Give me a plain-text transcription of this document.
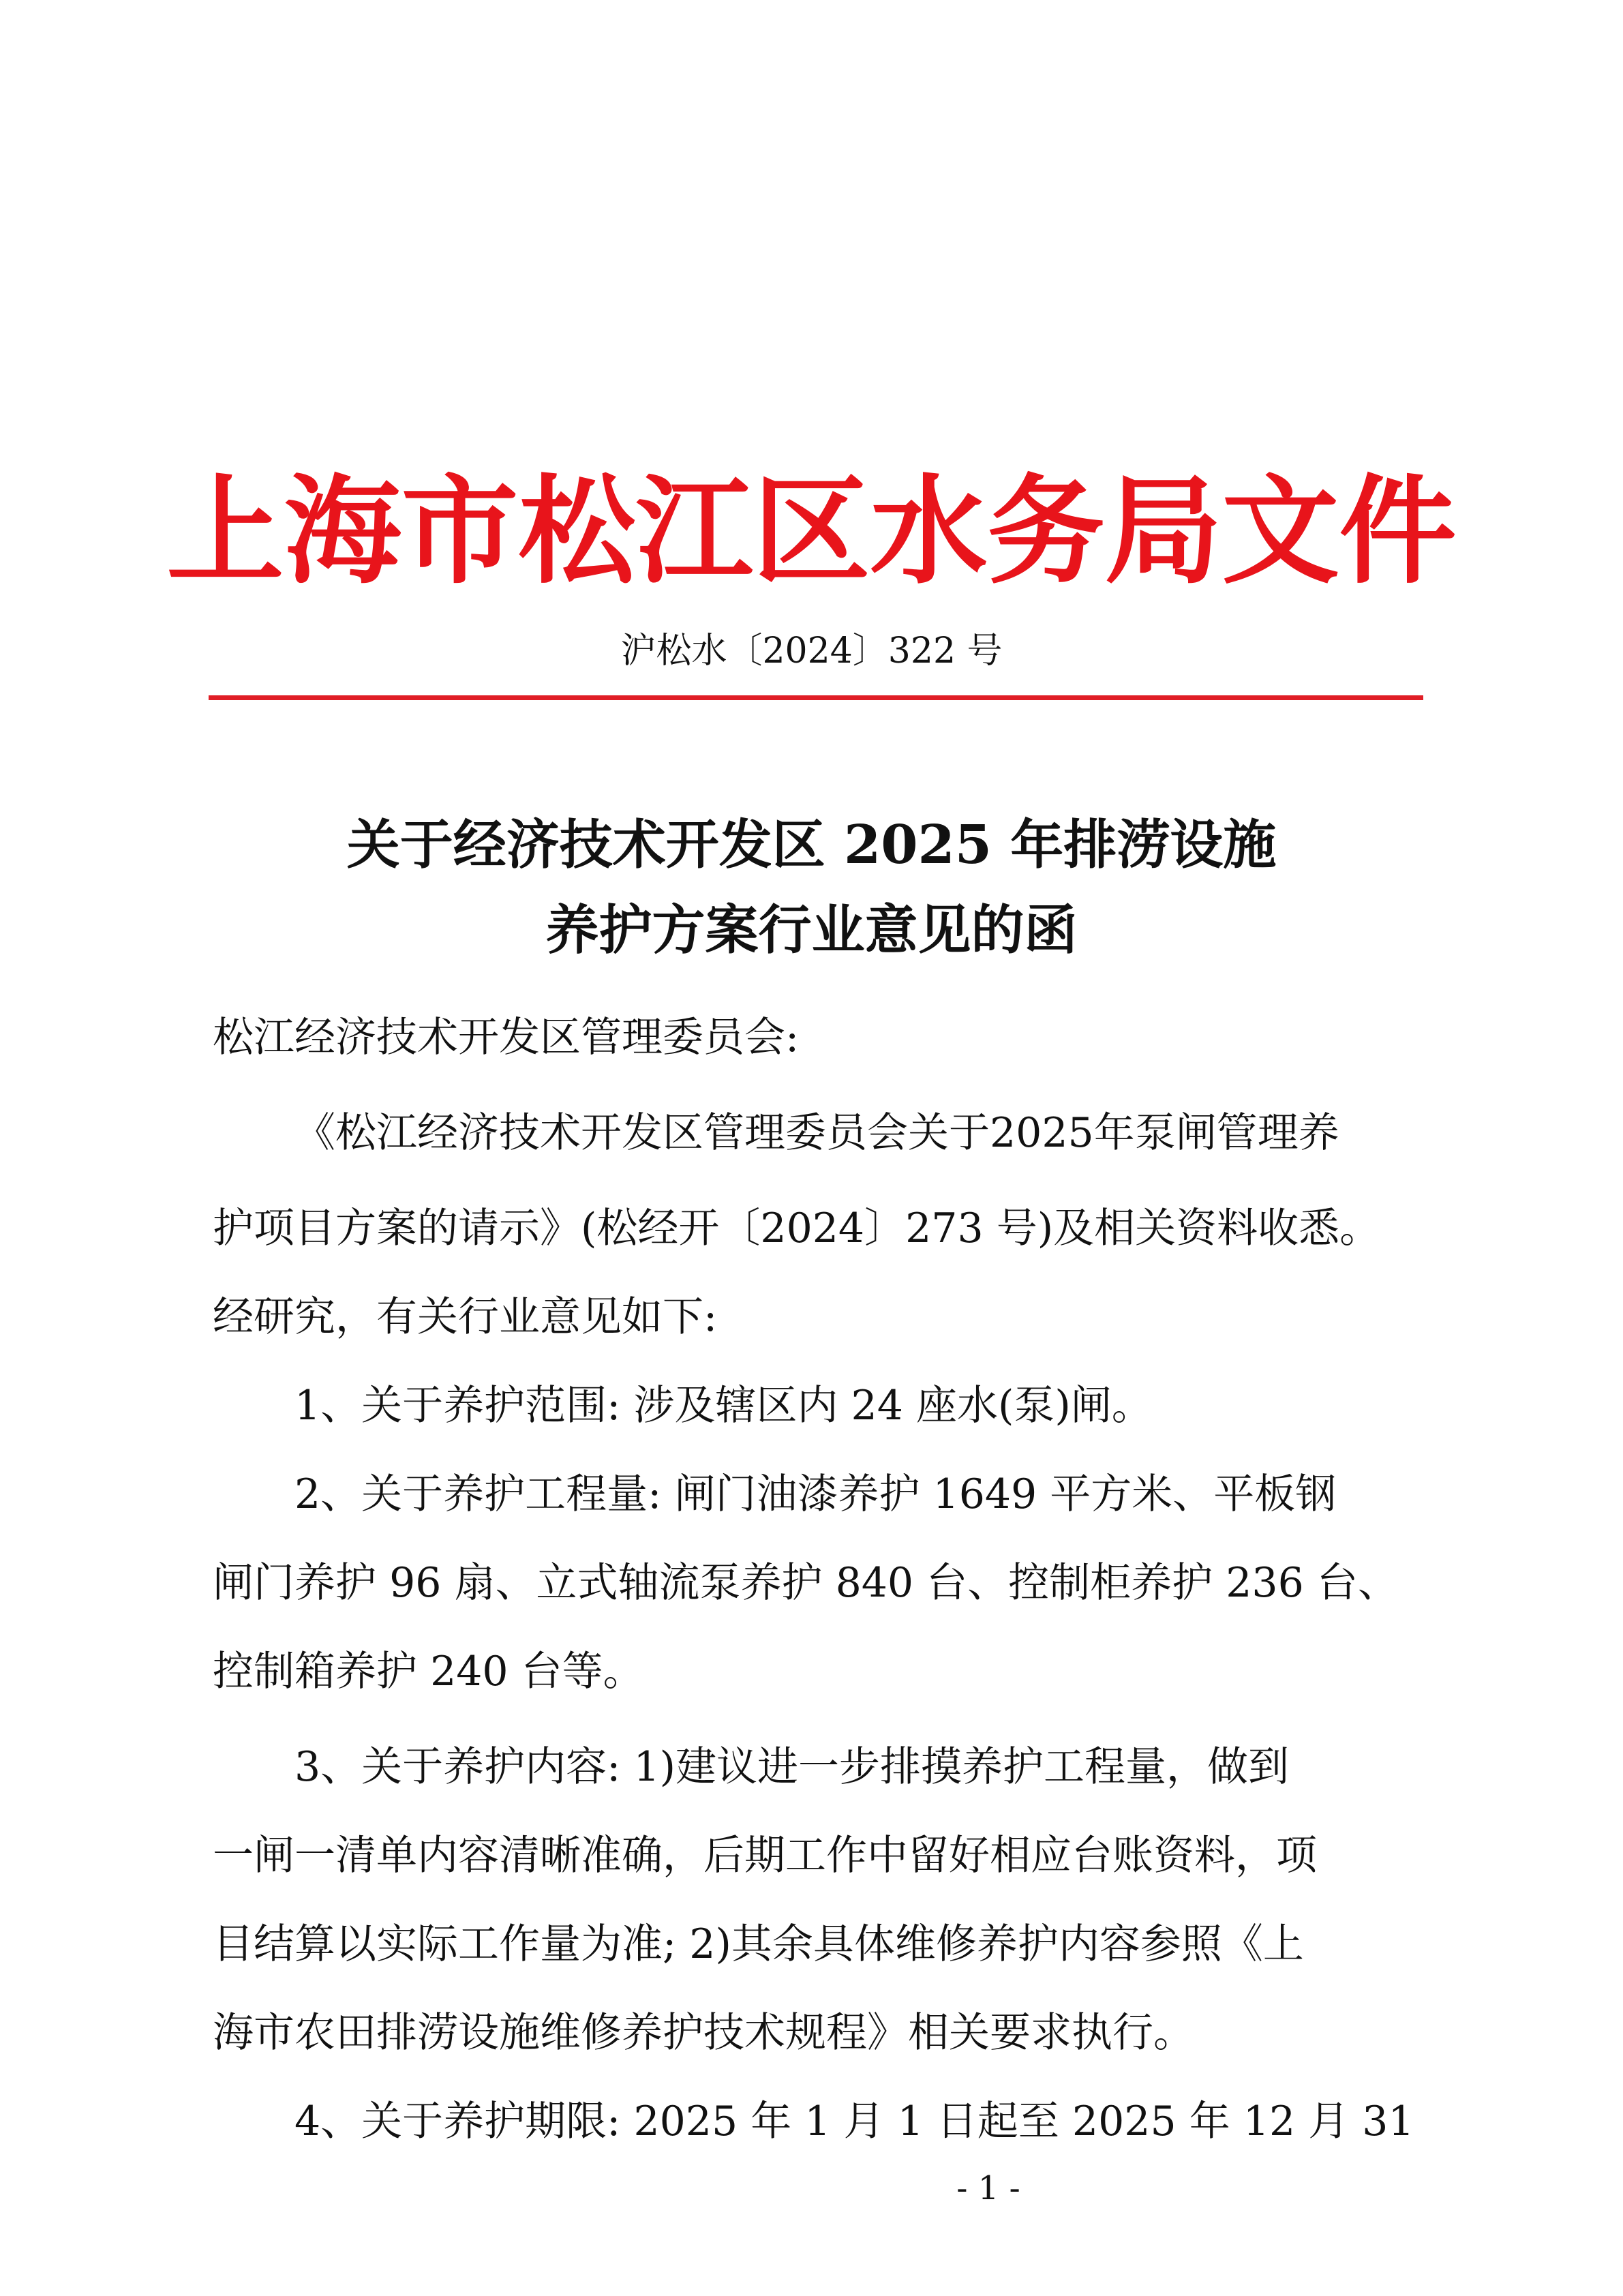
上海市松江区水务局文件
沪松水〔2024〕322 号
关于经济技术开发区 2025 年排涝设施
养护方案行业意见的函
松江经济技术开发区管理委员会:
《松江经济技术开发区管理委员会关于2025年泵闸管理养
护项目方案的请示》(松经开〔2024〕273 号)及相关资料收悉。
经研究，有关行业意见如下:
1、关于养护范围: 涉及辖区内 24 座水(泵)闸。
2、关于养护工程量: 闸门油漆养护 1649 平方米、平板钢
闸门养护 96 扇、立式轴流泵养护 840 台、控制柜养护 236 台、
控制箱养护 240 台等。
3、关于养护内容: 1)建议进一步排摸养护工程量，做到
一闸一清单内容清晰准确，后期工作中留好相应台账资料，项
目结算以实际工作量为准; 2)其余具体维修养护内容参照《上
海市农田排涝设施维修养护技术规程》相关要求执行。
4、关于养护期限: 2025 年 1 月 1 日起至 2025 年 12 月 31
- 1 -
